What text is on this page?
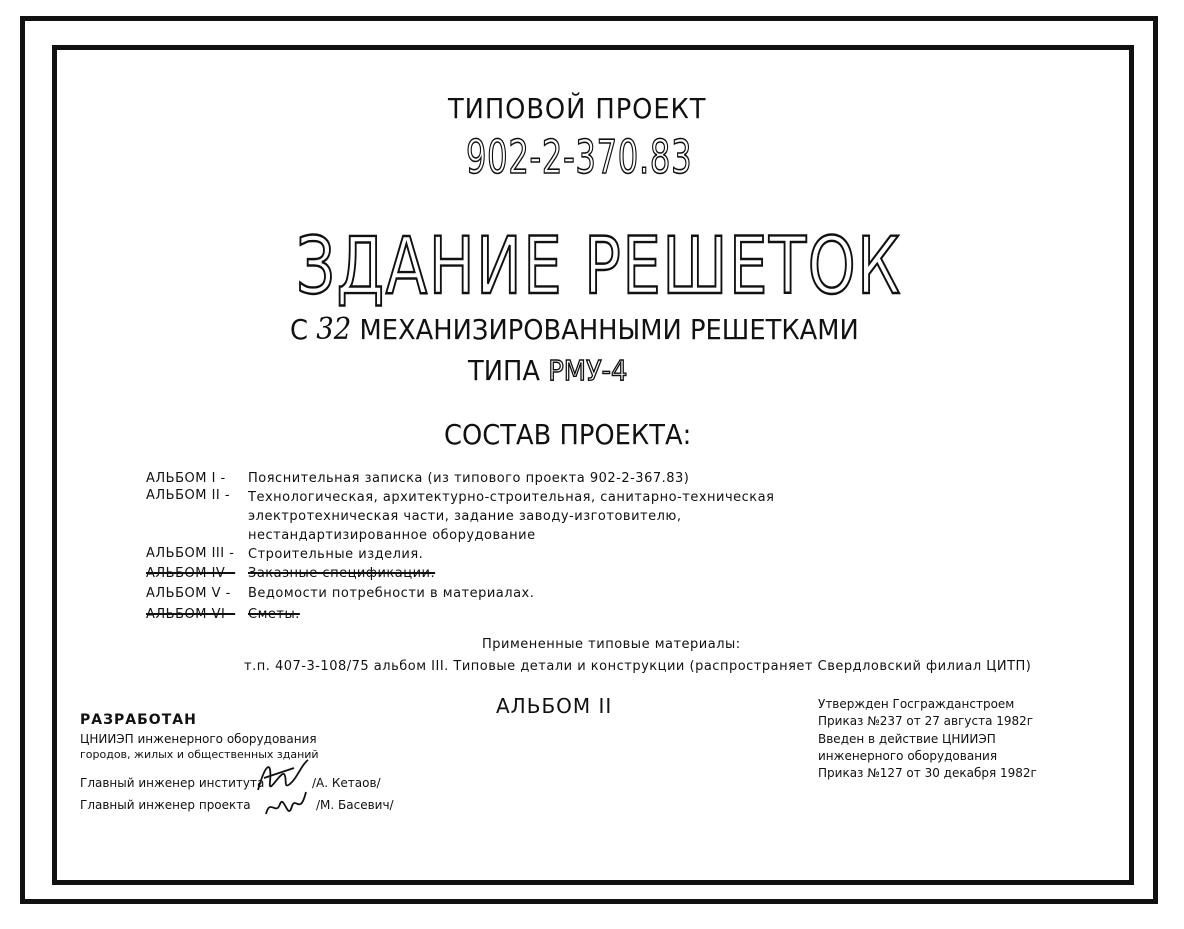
ТИПОВОЙ ПРОЕКТ
902-2-370.83
ЗДАНИЕ РЕШЕТОК
С 32 МЕХАНИЗИРОВАННЫМИ РЕШЕТКАМИ
ТИПА РМУ-4
СОСТАВ ПРОЕКТА:
АЛЬБОМ I - Пояснительная записка (из типового проекта 902-2-367.83)
АЛЬБОМ II - Технологическая, архитектурно-строительная, санитарно-техническая
электротехническая части, задание заводу-изготовителю,
нестандартизированное оборудование
АЛЬБОМ III - Строительные изделия.
АЛЬБОМ IV - Заказные спецификации.
АЛЬБОМ V - Ведомости потребности в материалах.
АЛЬБОМ VI - Сметы.
Примененные типовые материалы:
т.п. 407-3-108/75 альбом III. Типовые детали и конструкции (распространяет Свердловский филиал ЦИТП)
АЛЬБОМ II
РАЗРАБОТАН
ЦНИИЭП инженерного оборудования
городов, жилых и общественных зданий
Главный инженер института	/А. Кетаов/
Главный инженер проекта	/М. Басевич/
Утвержден Госгражданстроем
Приказ №237 от 27 августа 1982г
Введен в действие ЦНИИЭП
инженерного оборудования
Приказ №127 от 30 декабря 1982г
